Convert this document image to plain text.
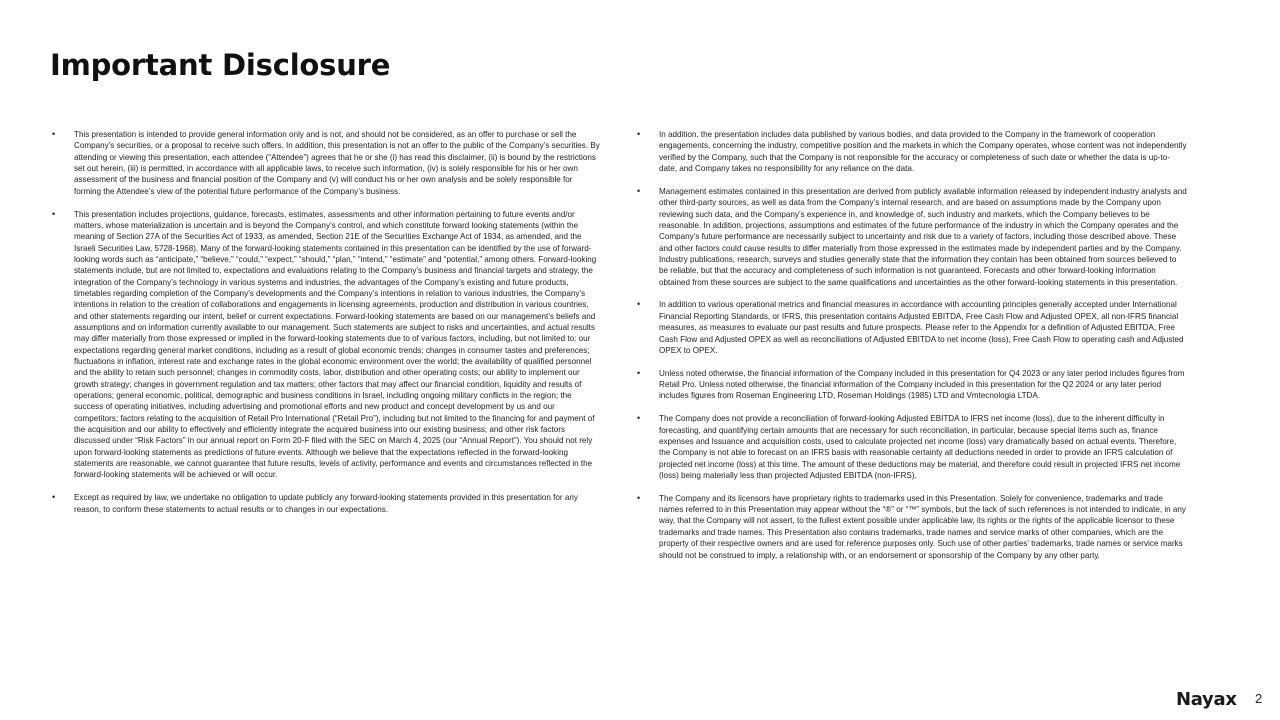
Important Disclosure
• This presentation is intended to provide general information only and is not, and should not be considered, as an offer to purchase or sell the Company’s securities, or a proposal to receive such offers. In addition, this presentation is not an offer to the public of the Company’s securities. By attending or viewing this presentation, each attendee (“Attendee”) agrees that he or she (i) has read this disclaimer, (ii) is bound by the restrictions set out herein, (iii) is permitted, in accordance with all applicable laws, to receive such information, (iv) is solely responsible for his or her own assessment of the business and financial position of the Company and (v) will conduct his or her own analysis and be solely responsible for forming the Attendee’s view of the potential future performance of the Company’s business.
• This presentation includes projections, guidance, forecasts, estimates, assessments and other information pertaining to future events and/or matters, whose materialization is uncertain and is beyond the Company’s control, and which constitute forward looking statements (within the meaning of Section 27A of the Securities Act of 1933, as amended, Section 21E of the Securities Exchange Act of 1934, as amended, and the Israeli Securities Law, 5728-1968). Many of the forward-looking statements contained in this presentation can be identified by the use of forward-looking words such as “anticipate,” “believe,” “could,” “expect,” “should,” “plan,” “intend,” “estimate” and “potential,” among others. Forward-looking statements include, but are not limited to, expectations and evaluations relating to the Company’s business and financial targets and strategy, the integration of the Company’s technology in various systems and industries, the advantages of the Company’s existing and future products, timetables regarding completion of the Company’s developments and the Company’s intentions in relation to various industries, the Company’s intentions in relation to the creation of collaborations and engagements in licensing agreements, production and distribution in various countries, and other statements regarding our intent, belief or current expectations. Forward-looking statements are based on our management’s beliefs and assumptions and on information currently available to our management. Such statements are subject to risks and uncertainties, and actual results may differ materially from those expressed or implied in the forward-looking statements due to of various factors, including, but not limited to: our expectations regarding general market conditions, including as a result of global economic trends; changes in consumer tastes and preferences; fluctuations in inflation, interest rate and exchange rates in the global economic environment over the world; the availability of qualified personnel and the ability to retain such personnel; changes in commodity costs, labor, distribution and other operating costs; our ability to implement our growth strategy; changes in government regulation and tax matters; other factors that may affect our financial condition, liquidity and results of operations; general economic, political, demographic and business conditions in Israel, including ongoing military conflicts in the region; the success of operating initiatives, including advertising and promotional efforts and new product and concept development by us and our competitors; factors relating to the acquisition of Retail Pro International (“Retail Pro”), including but not limited to the financing for and payment of the acquisition and our ability to effectively and efficiently integrate the acquired business into our existing business; and other risk factors discussed under “Risk Factors” in our annual report on Form 20-F filed with the SEC on March 4, 2025 (our “Annual Report”). You should not rely upon forward-looking statements as predictions of future events. Although we believe that the expectations reflected in the forward-looking statements are reasonable, we cannot guarantee that future results, levels of activity, performance and events and circumstances reflected in the forward-looking statements will be achieved or will occur.
• Except as required by law, we undertake no obligation to update publicly any forward-looking statements provided in this presentation for any reason, to conform these statements to actual results or to changes in our expectations.
• In addition, the presentation includes data published by various bodies, and data provided to the Company in the framework of cooperation engagements, concerning the industry, competitive position and the markets in which the Company operates, whose content was not independently verified by the Company, such that the Company is not responsible for the accuracy or completeness of such date or whether the data is up-to-date, and Company takes no responsibility for any reliance on the data.
• Management estimates contained in this presentation are derived from publicly available information released by independent industry analysts and other third-party sources, as well as data from the Company’s internal research, and are based on assumptions made by the Company upon reviewing such data, and the Company’s experience in, and knowledge of, such industry and markets, which the Company believes to be reasonable. In addition, projections, assumptions and estimates of the future performance of the industry in which the Company operates and the Company’s future performance are necessarily subject to uncertainty and risk due to a variety of factors, including those described above. These and other factors could cause results to differ materially from those expressed in the estimates made by independent parties and by the Company. Industry publications, research, surveys and studies generally state that the information they contain has been obtained from sources believed to be reliable, but that the accuracy and completeness of such information is not guaranteed. Forecasts and other forward-looking information obtained from these sources are subject to the same qualifications and uncertainties as the other forward-looking statements in this presentation.
• In addition to various operational metrics and financial measures in accordance with accounting principles generally accepted under International Financial Reporting Standards, or IFRS, this presentation contains Adjusted EBITDA, Free Cash Flow and Adjusted OPEX, all non-IFRS financial measures, as measures to evaluate our past results and future prospects. Please refer to the Appendix for a definition of Adjusted EBITDA, Free Cash Flow and Adjusted OPEX as well as reconciliations of Adjusted EBITDA to net income (loss), Free Cash Flow to operating cash and Adjusted OPEX to OPEX.
• Unless noted otherwise, the financial information of the Company included in this presentation for Q4 2023 or any later period includes figures from Retail Pro. Unless noted otherwise, the financial information of the Company included in this presentation for the Q2 2024 or any later period includes figures from Roseman Engineering LTD, Roseman Holdings (1985) LTD and Vmtecnologia LTDA.
• The Company does not provide a reconciliation of forward-looking Adjusted EBITDA to IFRS net income (loss), due to the inherent difficulty in forecasting, and quantifying certain amounts that are necessary for such reconciliation, in particular, because special items such as, finance expenses and Issuance and acquisition costs, used to calculate projected net income (loss) vary dramatically based on actual events. Therefore, the Company is not able to forecast on an IFRS basis with reasonable certainty all deductions needed in order to provide an IFRS calculation of projected net income (loss) at this time. The amount of these deductions may be material, and therefore could result in projected IFRS net income (loss) being materially less than projected Adjusted EBITDA (non-IFRS).
• The Company and its licensors have proprietary rights to trademarks used in this Presentation. Solely for convenience, trademarks and trade names referred to in this Presentation may appear without the “®” or “™” symbols, but the lack of such references is not intended to indicate, in any way, that the Company will not assert, to the fullest extent possible under applicable law, its rights or the rights of the applicable licensor to these trademarks and trade names. This Presentation also contains trademarks, trade names and service marks of other companies, which are the property of their respective owners and are used for reference purposes only. Such use of other parties’ trademarks, trade names or service marks should not be construed to imply, a relationship with, or an endorsement or sponsorship of the Company by any other party.
Nayax 2
